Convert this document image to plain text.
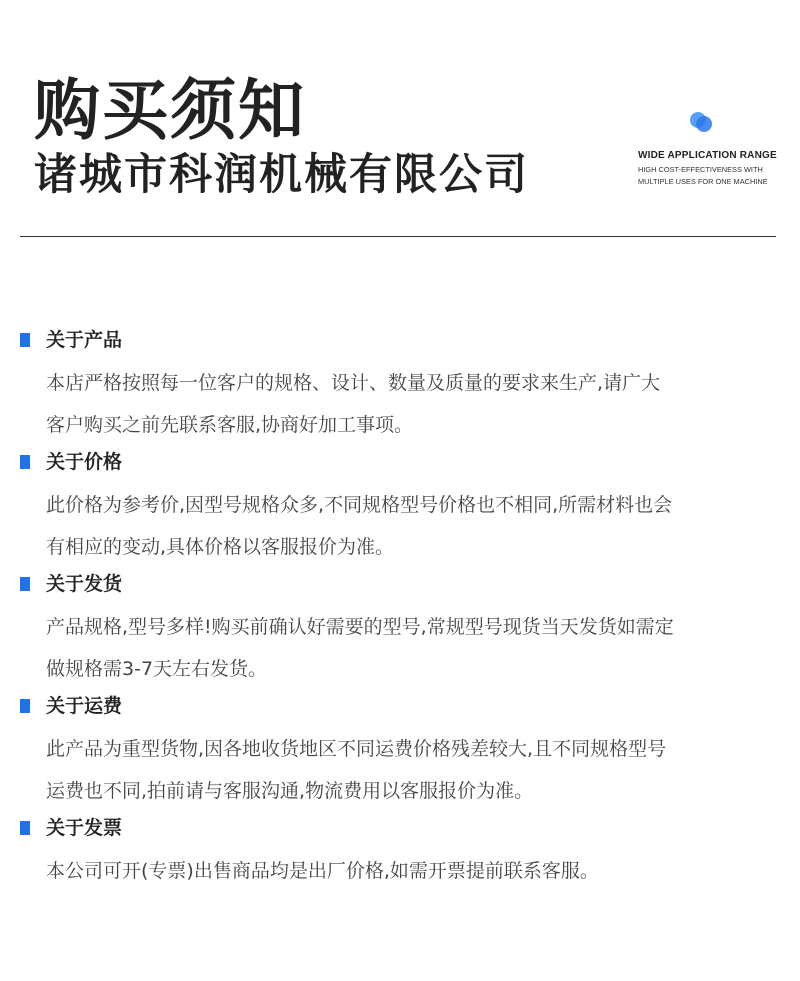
购买须知
诸城市科润机械有限公司	WIDE APPLICATION RANGE
HIGH COST-EFFECTIVENESS WITH
MULTIPLE USES FOR ONE MACHINE
关于产品

本店严格按照每一位客户的规格、设计、数量及质量的要求来生产,请广大

客户购买之前先联系客服,协商好加工事项。

关于价格

此价格为参考价,因型号规格众多,不同规格型号价格也不相同,所需材料也会

有相应的变动,具体价格以客服报价为准。

关于发货

产品规格,型号多样!购买前确认好需要的型号,常规型号现货当天发货如需定

做规格需3-7天左右发货。

关于运费

此产品为重型货物,因各地收货地区不同运费价格残差较大,且不同规格型号

运费也不同,拍前请与客服沟通,物流费用以客服报价为准。

关于发票

本公司可开(专票)出售商品均是出厂价格,如需开票提前联系客服。
